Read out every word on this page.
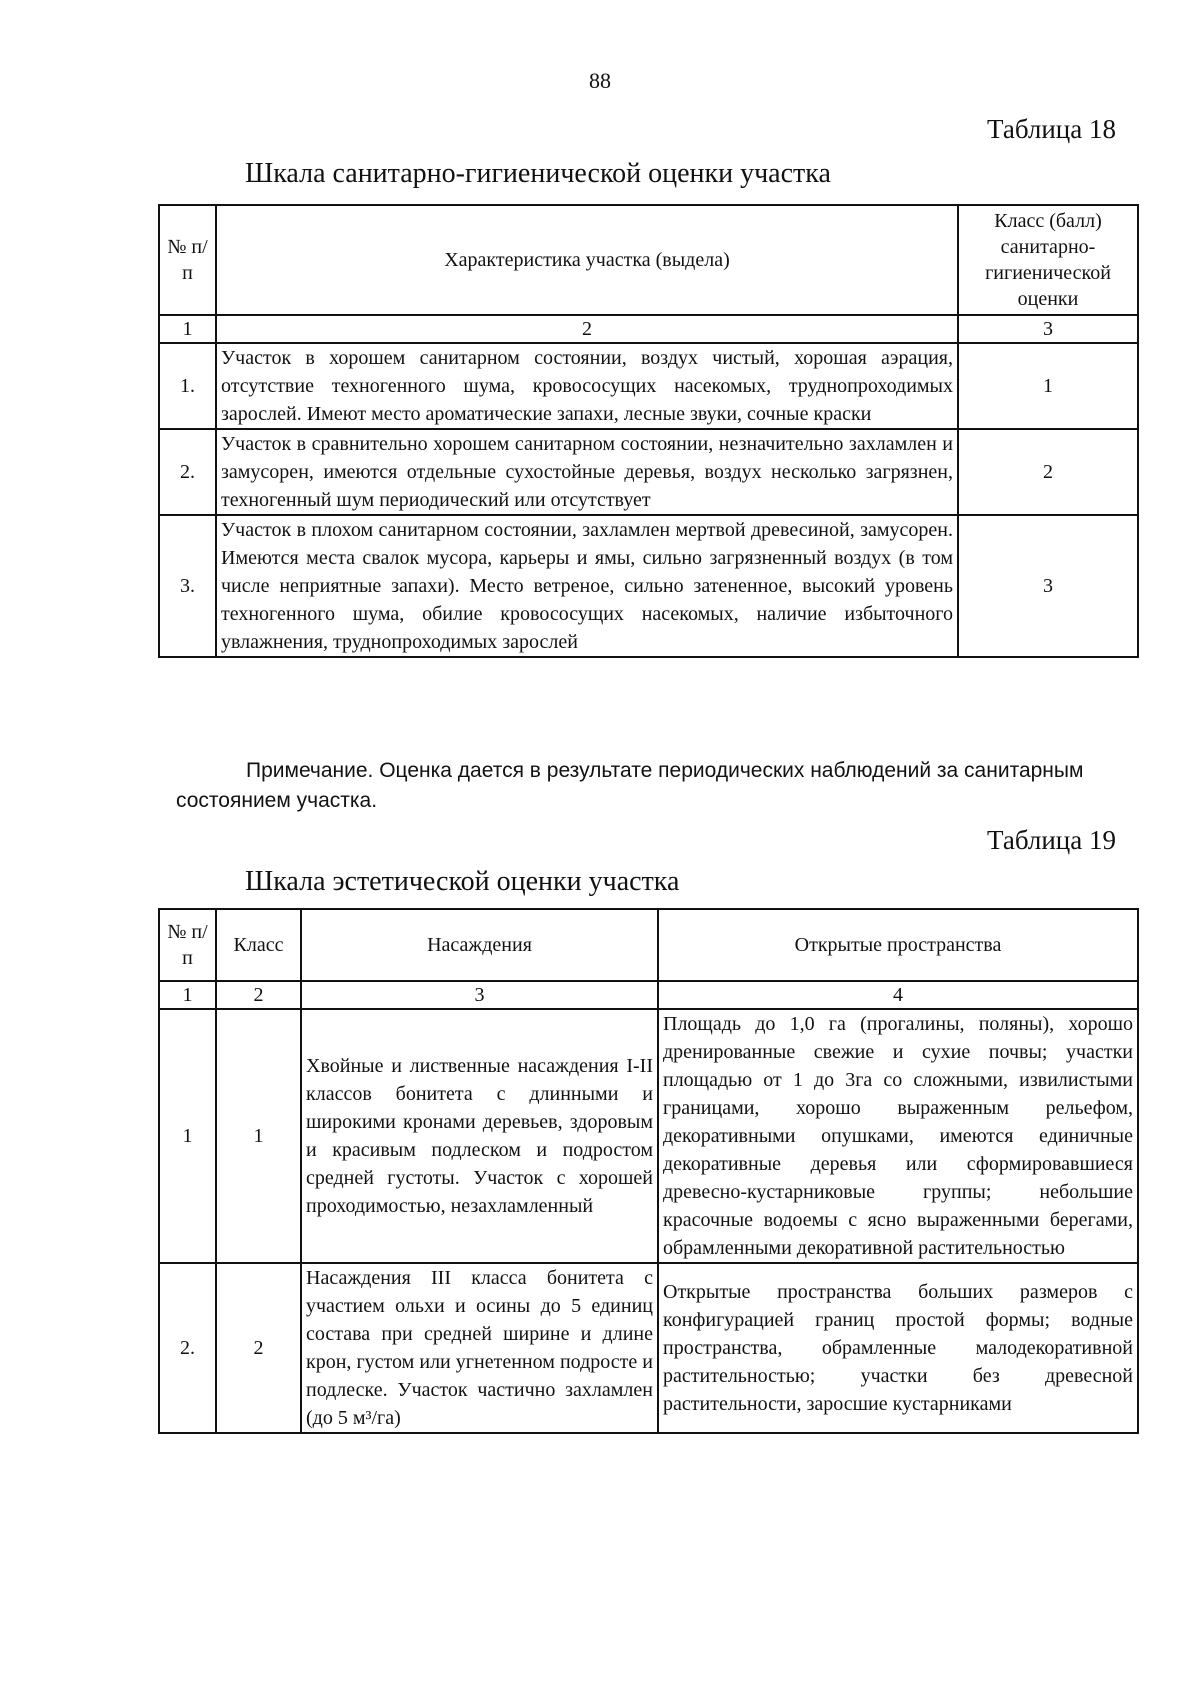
88
Таблица 18
Шкала санитарно-гигиенической оценки участка
№ п/п	Характеристика участка (выдела)	Класс (балл) санитарно-гигиенической оценки
1	2	3
1.	Участок в хорошем санитарном состоянии, воздух чистый, хорошая аэрация, отсутствие техногенного шума, кровососущих насекомых, труднопроходимых зарослей. Имеют место ароматические запахи, лесные звуки, сочные краски	1
2.	Участок в сравнительно хорошем санитарном состоянии, незначительно захламлен и замусорен, имеются отдельные сухостойные деревья, воздух несколько загрязнен, техногенный шум периодический или отсутствует	2
3.	Участок в плохом санитарном состоянии, захламлен мертвой древесиной, замусорен. Имеются места свалок мусора, карьеры и ямы, сильно загрязненный воздух (в том числе неприятные запахи). Место ветреное, сильно затененное, высокий уровень техногенного шума, обилие кровососущих насекомых, наличие избыточного увлажнения, труднопроходимых зарослей	3
Примечание. Оценка дается в результате периодических наблюдений за санитарным состоянием участка.
Таблица 19
Шкала эстетической оценки участка
№ п/п	Класс	Насаждения	Открытые пространства
1	2	3	4
1	1	Хвойные и лиственные насаждения I-II классов бонитета с длинными и широкими кронами деревьев, здоровым и красивым подлеском и подростом средней густоты. Участок с хорошей проходимостью, незахламленный	Площадь до 1,0 га (прогалины, поляны), хорошо дренированные свежие и сухие почвы; участки площадью от 1 до 3га со сложными, извилистыми границами, хорошо выраженным рельефом, декоративными опушками, имеются единичные декоративные деревья или сформировавшиеся древесно-кустарниковые группы; небольшие красочные водоемы с ясно выраженными берегами, обрамленными декоративной растительностью
2.	2	Насаждения III класса бонитета с участием ольхи и осины до 5 единиц состава при средней ширине и длине крон, густом или угнетенном подросте и подлеске. Участок частично захламлен (до 5 м³/га)	Открытые пространства больших размеров с конфигурацией границ простой формы; водные пространства, обрамленные малодекоративной растительностью; участки без древесной растительности, заросшие кустарниками
